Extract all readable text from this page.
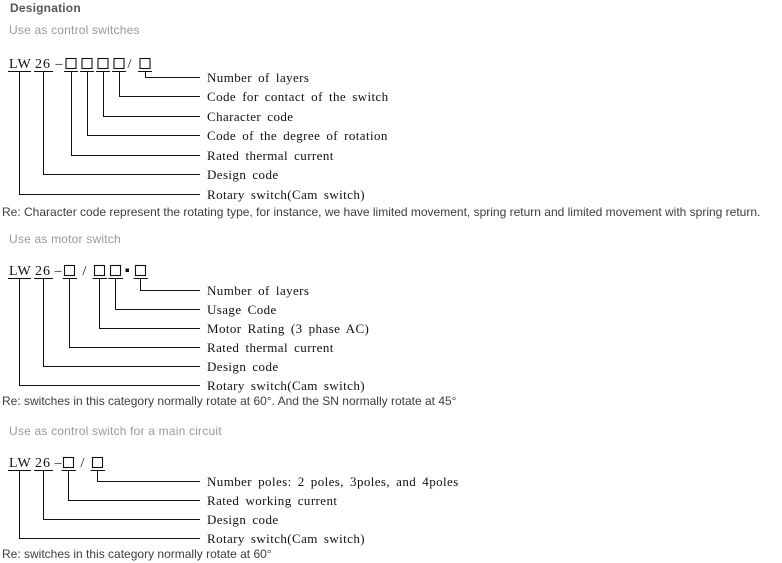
Designation
Use as control switches
Re: Character code represent the rotating type, for instance, we have limited movement, spring return and limited movement with spring return.
Use as motor switch
Re: switches in this category normally rotate at 60°. And the SN normally rotate at 45°
Use as control switch for a main circuit
Re: switches in this category normally rotate at 60°
LW 26 –	/
Number of layers
Code for contact of the switch
Character code
Code of the degree of rotation
Rated thermal current
Design code
Rotary switch(Cam switch)
LW 26 – /
Number of layers
Usage Code
Motor Rating (3 phase AC)
Rated thermal current
Design code
Rotary switch(Cam switch)
LW 26 – /
Number poles: 2 poles, 3poles, and 4poles
Rated working current
Design code
Rotary switch(Cam switch)
